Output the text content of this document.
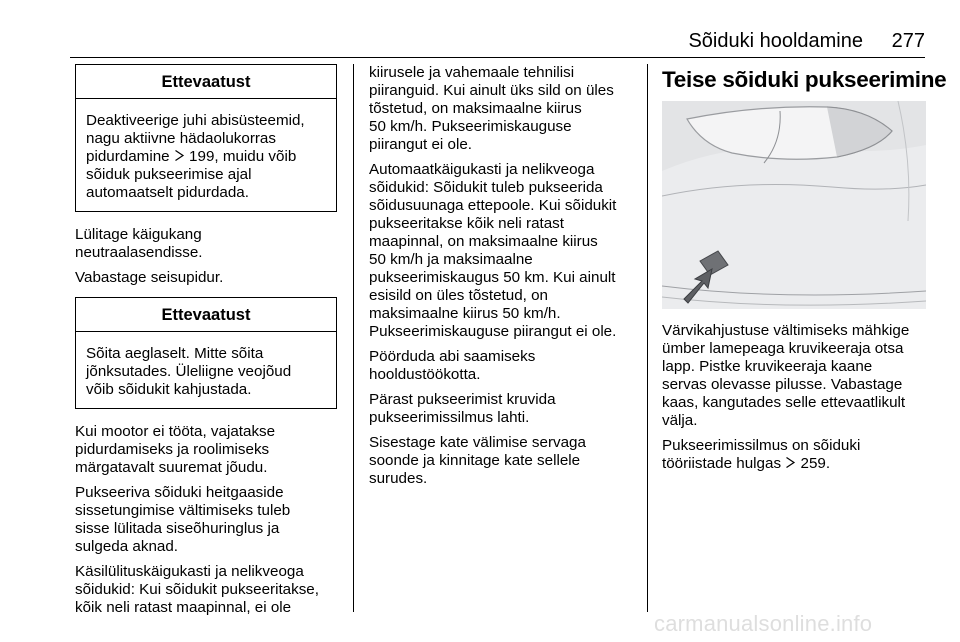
Sõiduki hooldamine 277
Ettevaatust
Deaktiveerige juhi abisüsteemid,
nagu aktiivne hädaolukorras
pidurdamine  199, muidu võib
sõiduk pukseerimise ajal
automaatselt pidurdada.

Lülitage käigukang
neutraalasendisse.

Vabastage seisupidur.

Ettevaatust
Sõita aeglaselt. Mitte sõita
jõnksutades. Üleliigne veojõud
võib sõidukit kahjustada.

Kui mootor ei tööta, vajatakse
pidurdamiseks ja roolimiseks
märgatavalt suuremat jõudu.

Pukseeriva sõiduki heitgaaside
sissetungimise vältimiseks tuleb
sisse lülitada siseõhuringlus ja
sulgeda aknad.

Käsilülituskäigukasti ja nelikveoga
sõidukid: Kui sõidukit pukseeritakse,
kõik neli ratast maapinnal, ei ole

kiirusele ja vahemaale tehnilisi
piiranguid. Kui ainult üks sild on üles
tõstetud, on maksimaalne kiirus
50 km/h. Pukseerimiskauguse
piirangut ei ole.

Automaatkäigukasti ja nelikveoga
sõidukid: Sõidukit tuleb pukseerida
sõidusuunaga ettepoole. Kui sõidukit
pukseeritakse kõik neli ratast
maapinnal, on maksimaalne kiirus
50 km/h ja maksimaalne
pukseerimiskaugus 50 km. Kui ainult
esisild on üles tõstetud, on
maksimaalne kiirus 50 km/h.
Pukseerimiskauguse piirangut ei ole.

Pöörduda abi saamiseks
hooldustöökotta.

Pärast pukseerimist kruvida
pukseerimissilmus lahti.

Sisestage kate välimise servaga
soonde ja kinnitage kate sellele
surudes.

Teise sõiduki pukseerimine

Värvikahjustuse vältimiseks mähkige
ümber lamepeaga kruvikeeraja otsa
lapp. Pistke kruvikeeraja kaane
servas olevasse pilusse. Vabastage
kaas, kangutades selle ettevaatlikult
välja.

Pukseerimissilmus on sõiduki
tööriistade hulgas  259.

carmanualsonline.info
